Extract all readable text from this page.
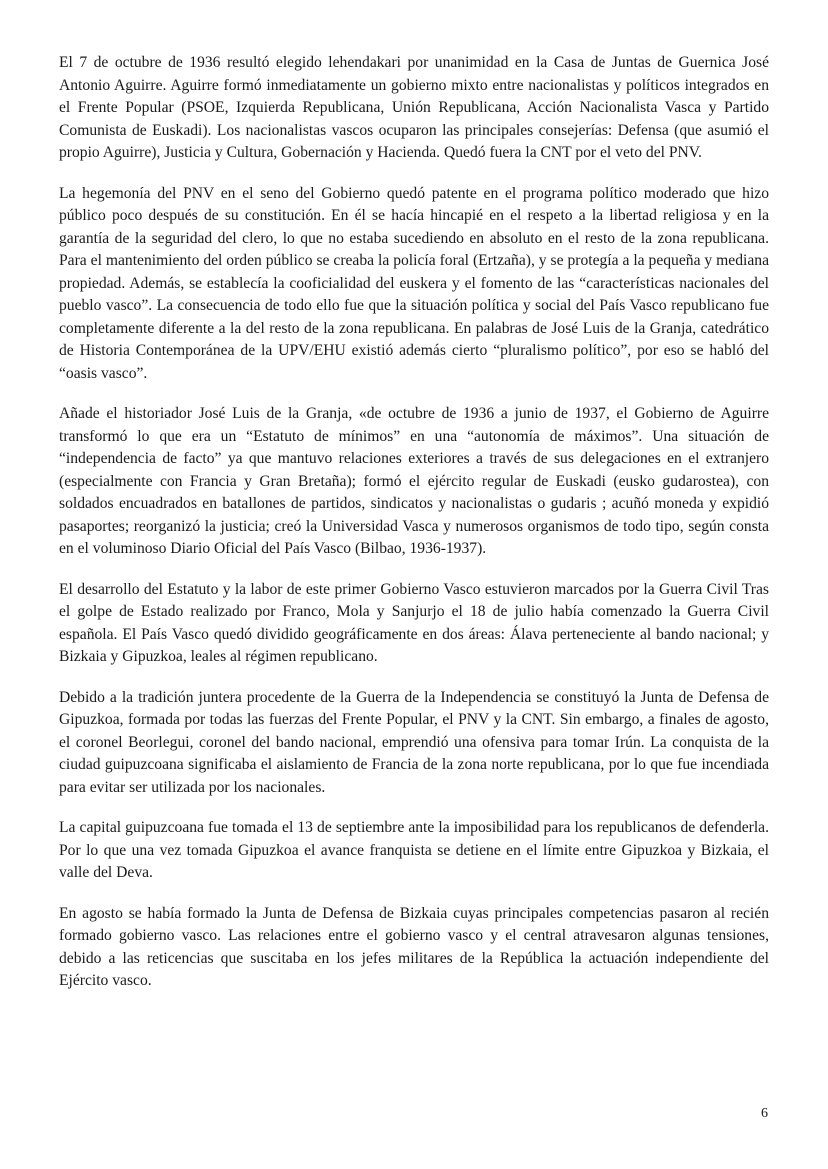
El 7 de octubre de 1936 resultó elegido lehendakari por unanimidad en la Casa de Juntas de Guernica José Antonio Aguirre. Aguirre formó inmediatamente un gobierno mixto entre nacionalistas y políticos integrados en el Frente Popular (PSOE, Izquierda Republicana, Unión Republicana, Acción Nacionalista Vasca y Partido Comunista de Euskadi). Los nacionalistas vascos ocuparon las principales consejerías: Defensa (que asumió el propio Aguirre), Justicia y Cultura, Gobernación y Hacienda. Quedó fuera la CNT por el veto del PNV.

La hegemonía del PNV en el seno del Gobierno quedó patente en el programa político moderado que hizo público poco después de su constitución. En él se hacía hincapié en el respeto a la libertad religiosa y en la garantía de la seguridad del clero, lo que no estaba sucediendo en absoluto en el resto de la zona republicana. Para el mantenimiento del orden público se creaba la policía foral (Ertzaña), y se protegía a la pequeña y mediana propiedad. Además, se establecía la cooficialidad del euskera y el fomento de las “características nacionales del pueblo vasco”. La consecuencia de todo ello fue que la situación política y social del País Vasco republicano fue completamente diferente a la del resto de la zona republicana. En palabras de José Luis de la Granja, catedrático de Historia Contemporánea de la UPV/EHU existió además cierto “pluralismo político”, por eso se habló del “oasis vasco”.

Añade el historiador José Luis de la Granja, «de octubre de 1936 a junio de 1937, el Gobierno de Aguirre transformó lo que era un “Estatuto de mínimos” en una “autonomía de máximos”. Una situación de “independencia de facto” ya que mantuvo relaciones exteriores a través de sus delegaciones en el extranjero (especialmente con Francia y Gran Bretaña); formó el ejército regular de Euskadi (eusko gudarostea), con soldados encuadrados en batallones de partidos, sindicatos y nacionalistas o gudaris ; acuñó moneda y expidió pasaportes; reorganizó la justicia; creó la Universidad Vasca y numerosos organismos de todo tipo, según consta en el voluminoso Diario Oficial del País Vasco (Bilbao, 1936-1937).

El desarrollo del Estatuto y la labor de este primer Gobierno Vasco estuvieron marcados por la Guerra Civil Tras el golpe de Estado realizado por Franco, Mola y Sanjurjo el 18 de julio había comenzado la Guerra Civil española. El País Vasco quedó dividido geográficamente en dos áreas: Álava perteneciente al bando nacional; y Bizkaia y Gipuzkoa, leales al régimen republicano.

Debido a la tradición juntera procedente de la Guerra de la Independencia se constituyó la Junta de Defensa de Gipuzkoa, formada por todas las fuerzas del Frente Popular, el PNV y la CNT. Sin embargo, a finales de agosto, el coronel Beorlegui, coronel del bando nacional, emprendió una ofensiva para tomar Irún. La conquista de la ciudad guipuzcoana significaba el aislamiento de Francia de la zona norte republicana, por lo que fue incendiada para evitar ser utilizada por los nacionales.

La capital guipuzcoana fue tomada el 13 de septiembre ante la imposibilidad para los republicanos de defenderla. Por lo que una vez tomada Gipuzkoa el avance franquista se detiene en el límite entre Gipuzkoa y Bizkaia, el valle del Deva.

En agosto se había formado la Junta de Defensa de Bizkaia cuyas principales competencias pasaron al recién formado gobierno vasco. Las relaciones entre el gobierno vasco y el central atravesaron algunas tensiones, debido a las reticencias que suscitaba en los jefes militares de la República la actuación independiente del Ejército vasco.

6
